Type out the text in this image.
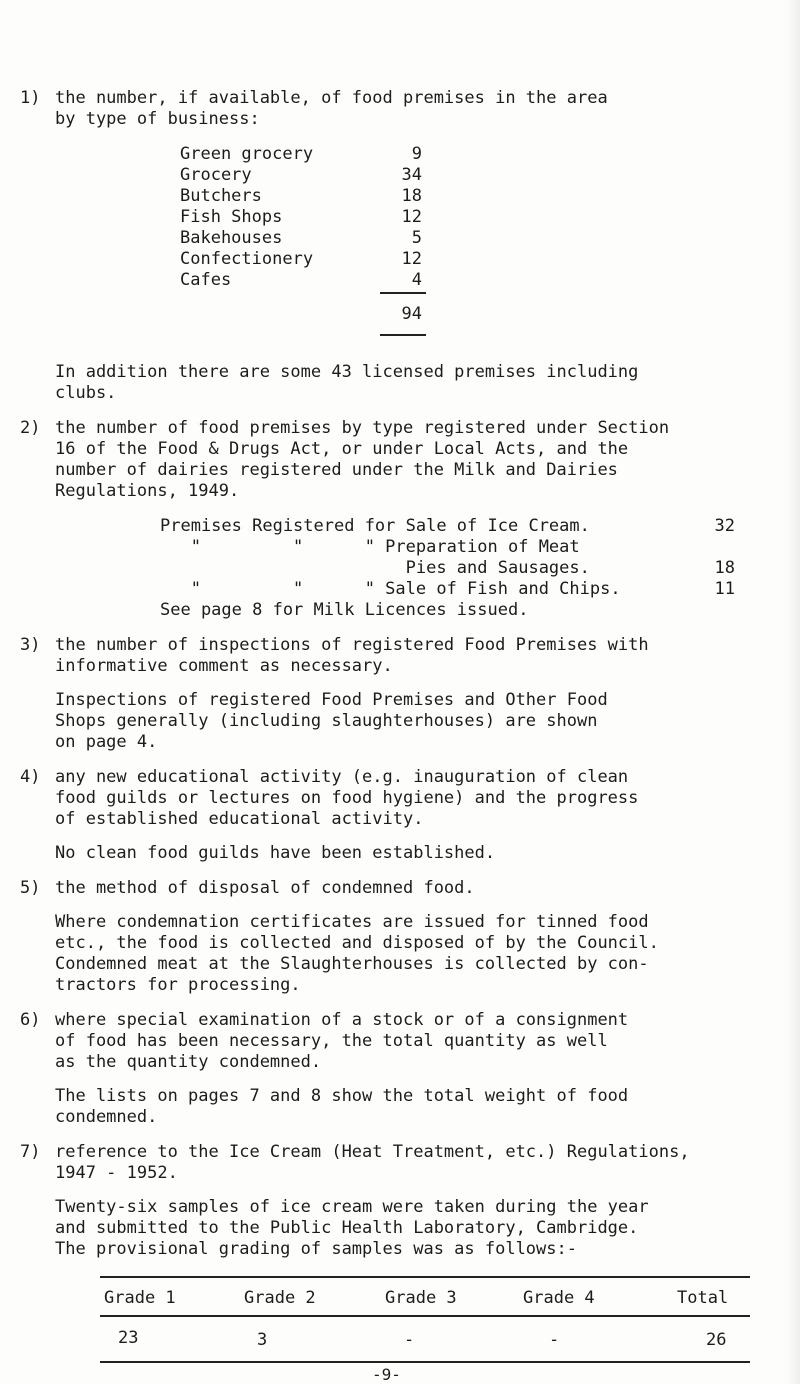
1) the number, if available, of food premises in the area
by type of business:
Green grocery	9
Grocery	34
Butchers	18
Fish Shops	12
Bakehouses	5
Confectionery	12
Cafes	4
94
In addition there are some 43 licensed premises including
clubs.
2) the number of food premises by type registered under Section
16 of the Food & Drugs Act, or under Local Acts, and the
number of dairies registered under the Milk and Dairies
Regulations, 1949.
Premises Registered for Sale of Ice Cream.	32
"         "      " Preparation of Meat
Pies and Sausages.	18
"         "      " Sale of Fish and Chips.	11
See page 8 for Milk Licences issued.
3) the number of inspections of registered Food Premises with
informative comment as necessary.
Inspections of registered Food Premises and Other Food
Shops generally (including slaughterhouses) are shown
on page 4.
4) any new educational activity (e.g. inauguration of clean
food guilds or lectures on food hygiene) and the progress
of established educational activity.
No clean food guilds have been established.
5) the method of disposal of condemned food.
Where condemnation certificates are issued for tinned food
etc., the food is collected and disposed of by the Council.
Condemned meat at the Slaughterhouses is collected by con-
tractors for processing.
6) where special examination of a stock or of a consignment
of food has been necessary, the total quantity as well
as the quantity condemned.
The lists on pages 7 and 8 show the total weight of food
condemned.
7) reference to the Ice Cream (Heat Treatment, etc.) Regulations,
1947 - 1952.
Twenty-six samples of ice cream were taken during the year
and submitted to the Public Health Laboratory, Cambridge.
The provisional grading of samples was as follows:-
Grade 1	Grade 2	Grade 3	Grade 4	Total
23	3	-	-	26
-9-
